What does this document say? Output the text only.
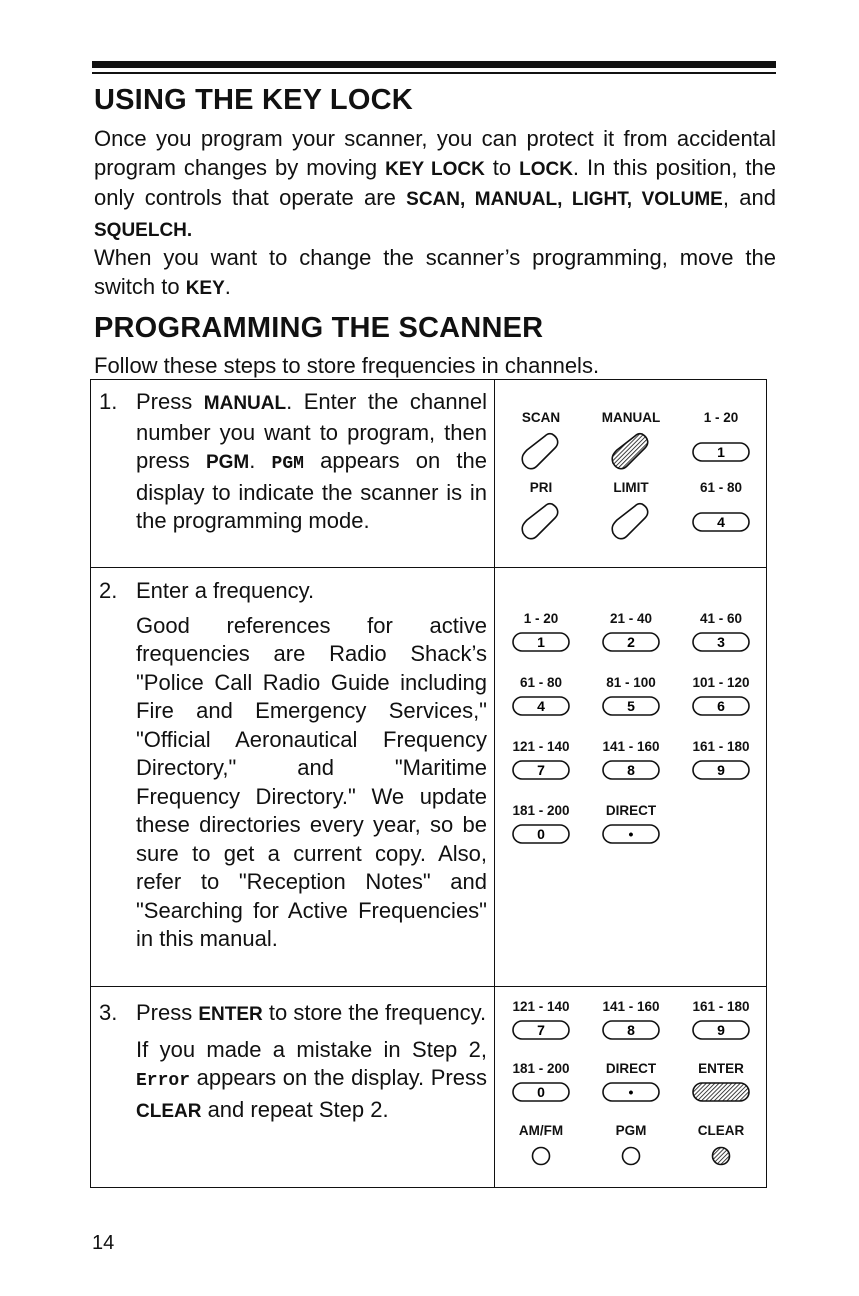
USING THE KEY LOCK

Once you program your scanner, you can protect it from accidental program changes by moving KEY LOCK to LOCK. In this position, the only controls that operate are SCAN, MANUAL, LIGHT, VOLUME, and SQUELCH.

When you want to change the scanner’s programming, move the switch to KEY.

PROGRAMMING THE SCANNER

Follow these steps to store frequencies in channels.

1. Press MANUAL. Enter the channel number you want to program, then press PGM. PGM appears on the display to indicate the scanner is in the programming mode.

2. Enter a frequency.

Good references for active frequencies are Radio Shack’s "Police Call Radio Guide including Fire and Emergency Services," "Official Aeronautical Frequency Directory," and "Maritime Frequency Directory." We update these directories every year, so be sure to get a current copy. Also, refer to "Reception Notes" and "Searching for Active Frequencies" in this manual.

3. Press ENTER to store the frequency.

If you made a mistake in Step 2, Error appears on the display. Press CLEAR and repeat Step 2.

SCAN	MANUAL	1 - 20
1
PRI	LIMIT	61 - 80
4
1 - 20
1
21 - 40
2
41 - 60
3
61 - 80
4
81 - 100
5
101 - 120
6
121 - 140
7
141 - 160
8
161 - 180
9
181 - 200
0
DIRECT
•
121 - 140
7
141 - 160
8
161 - 180
9
181 - 200
0
DIRECT
•
ENTER
AM/FM	PGM	CLEAR
14
